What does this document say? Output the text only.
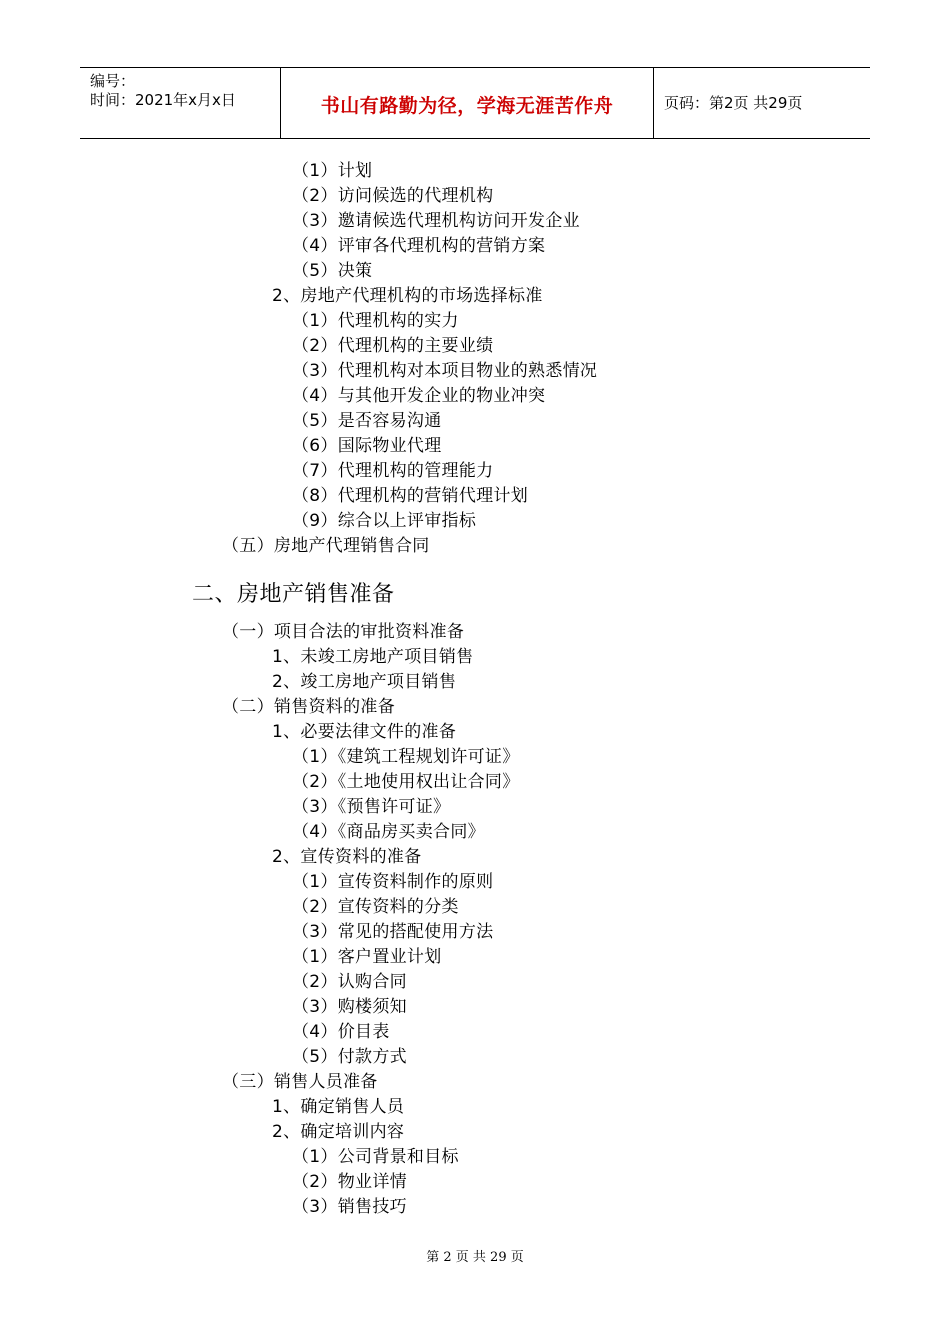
编号：
时间：2021年x月x日	书山有路勤为径，学海无涯苦作舟	页码：第2页 共29页
（1）计划
（2）访问候选的代理机构
（3）邀请候选代理机构访问开发企业
（4）评审各代理机构的营销方案
（5）决策
2、房地产代理机构的市场选择标准
（1）代理机构的实力
（2）代理机构的主要业绩
（3）代理机构对本项目物业的熟悉情况
（4）与其他开发企业的物业冲突
（5）是否容易沟通
（6）国际物业代理
（7）代理机构的管理能力
（8）代理机构的营销代理计划
（9）综合以上评审指标
（五）房地产代理销售合同
二、房地产销售准备
（一）项目合法的审批资料准备
1、未竣工房地产项目销售
2、竣工房地产项目销售
（二）销售资料的准备
1、必要法律文件的准备
（1）《建筑工程规划许可证》
（2）《土地使用权出让合同》
（3）《预售许可证》
（4）《商品房买卖合同》
2、宣传资料的准备
（1）宣传资料制作的原则
（2）宣传资料的分类
（3）常见的搭配使用方法
（1）客户置业计划
（2）认购合同
（3）购楼须知
（4）价目表
（5）付款方式
（三）销售人员准备
1、确定销售人员
2、确定培训内容
（1）公司背景和目标
（2）物业详情
（3）销售技巧
第 2 页 共 29 页
